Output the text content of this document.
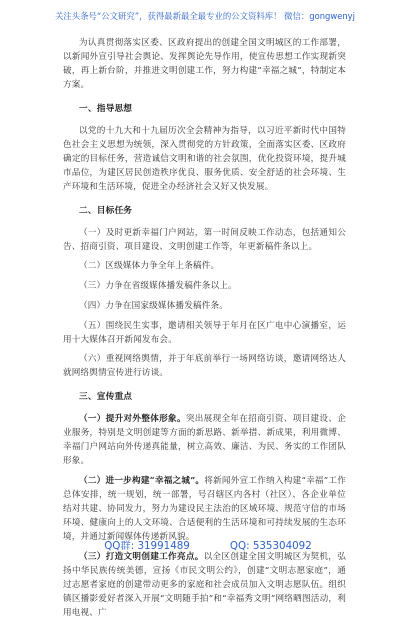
关注头条号“公文研究”，获得最新最全最专业的公文资料库！ 微信：gongwenyj

为认真贯彻落实区委、区政府提出的创建全国文明城区的工作部署，以新闻外宣引导社会舆论、发挥舆论先导作用，使宣传思想工作实现新突破，再上新台阶，并推进文明创建工作，努力构建“幸福之城”，特制定本方案。

一、指导思想

以党的十九大和十九届历次全会精神为指导，以习近平新时代中国特色社会主义思想为统领，深入贯彻党的方针政策，全面落实区委、区政府确定的目标任务，营造诚信文明和谐的社会氛围，优化投资环境，提升城市品位，为建区居民创造秩序优良、服务优质、安全舒适的社会环境、生产环境和生活环境，促进全办经济社会又好又快发展。

二、目标任务

（一）及时更新幸福门户网站，第一时间反映工作动态，包括通知公告、招商引资、项目建设、文明创建工作等，年更新稿件条以上。

（二）区级媒体力争全年上条稿件。

（三）力争在省级媒体播发稿件条以上。

（四）力争在国家级媒体播发稿件条。

（五）围绕民生实事，邀请相关领导于年月在区广电中心演播室，运用十大媒体召开新闻发布会。

（六）重视网络舆情，并于年底前举行一场网络访谈，邀请网络达人就网络舆情宣传进行访谈。

三、宣传重点

（一）提升对外整体形象。突出展现全年在招商引资、项目建设、企业服务，特别是文明创建等方面的新思路、新举措、新成果，利用微博、幸福门户网站向外传递真能量，树立高效、廉洁、为民、务实的工作团队形象。

（二）进一步构建“幸福之城”。将新闻外宣工作纳入构建“幸福”工作总体安排，统一规划，统一部署，号召辖区内各村（社区）、各企业单位结对共建、协同发力，努力为建设民主法治的区域环境、规范守信的市场环境、健康向上的人文环境、合适便利的生活环境和可持续发展的生态环境，并通过新闻媒体传递新风貌。

（三）打造文明创建工作亮点。以全区创建全国文明城区为契机，弘扬中华民族传统美德，宣扬《市民文明公约》，创建“文明志愿家庭”，通过志愿者家庭的创建带动更多的家庭和社会成员加入文明志愿队伍。组织镇区播影爱好者深入开展“文明随手拍”和“幸福秀文明”网络晒图活动，利用电视、广

QQ群: 31991489	QQ: 535304092
